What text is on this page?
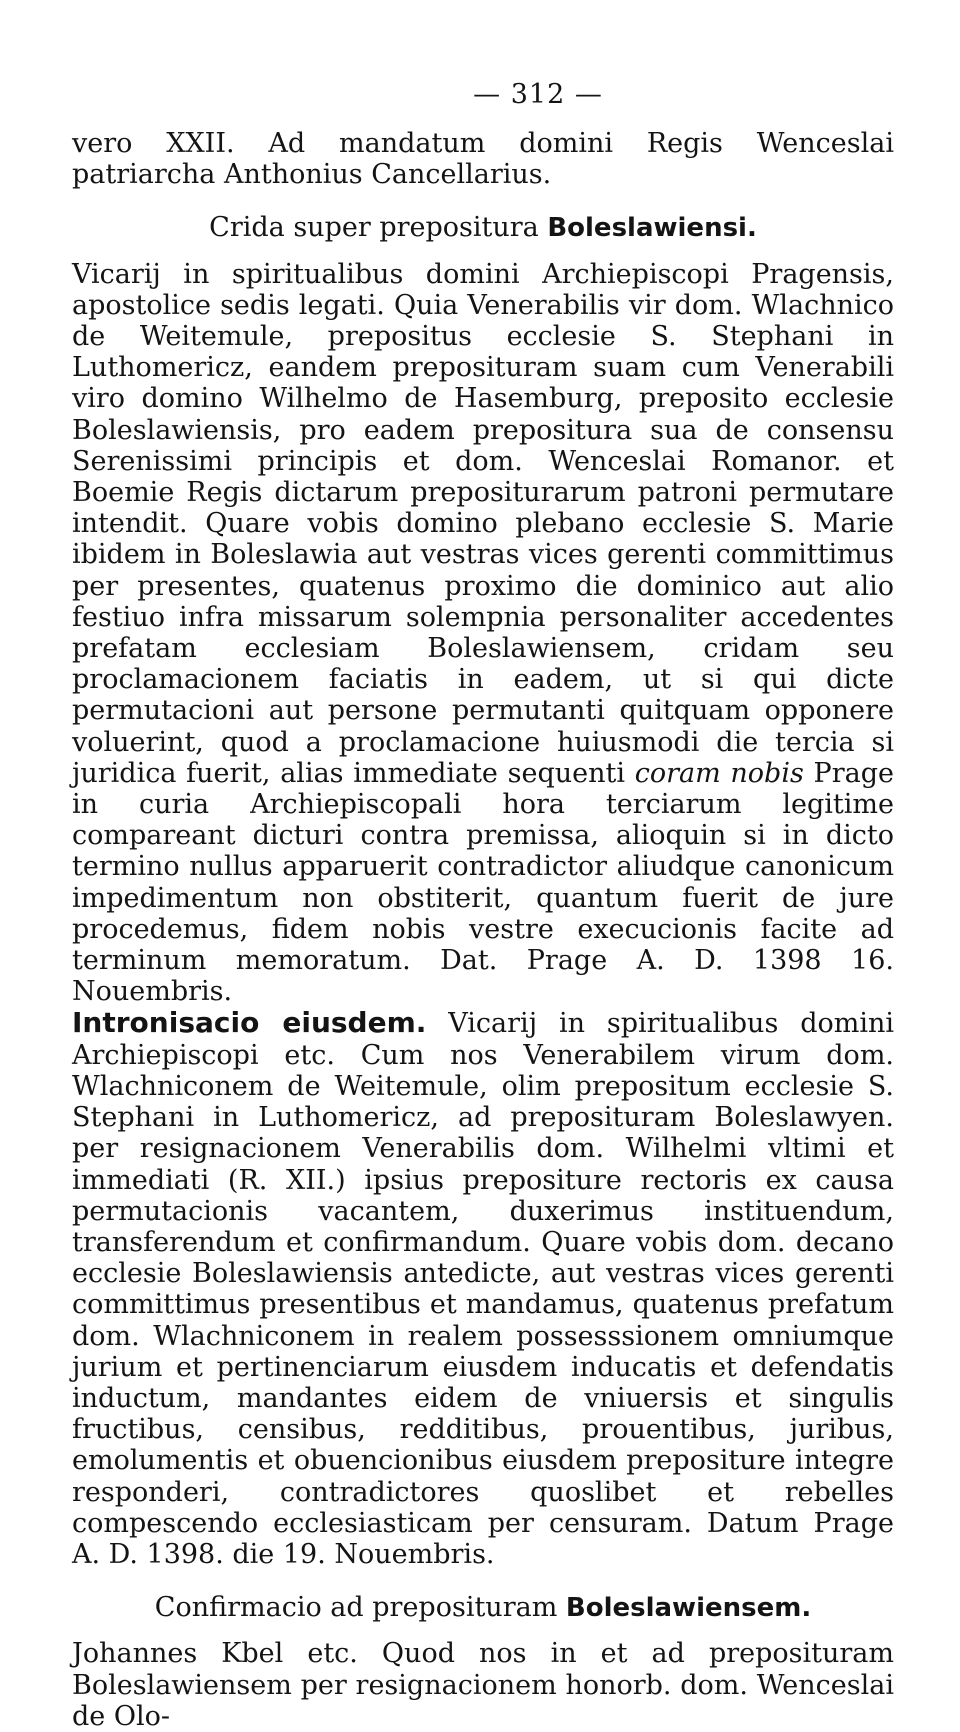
— 312 —

vero XXII. Ad mandatum domini Regis Wenceslai patriarcha Anthonius Cancellarius.

Crida super prepositura Boleslawiensi.

Vicarij in spiritualibus domini Archiepiscopi Pragensis, apostolice sedis legati. Quia Venerabilis vir dom. Wlachnico de Weitemule, prepositus ecclesie S. Stephani in Luthomericz, eandem preposituram suam cum Venerabili viro domino Wilhelmo de Hasemburg, preposito ecclesie Boleslawiensis, pro eadem prepositura sua de consensu Serenissimi principis et dom. Wenceslai Romanor. et Boemie Regis dictarum prepositurarum patroni permutare intendit. Quare vobis domino plebano ecclesie S. Marie ibidem in Boleslawia aut vestras vices gerenti committimus per presentes, quatenus proximo die dominico aut alio festiuo infra missarum solempnia personaliter accedentes prefatam ecclesiam Boleslawiensem, cridam seu proclamacionem faciatis in eadem, ut si qui dicte permutacioni aut persone permutanti quitquam opponere voluerint, quod a proclamacione huiusmodi die tercia si juridica fuerit, alias immediate sequenti coram nobis Prage in curia Archiepiscopali hora terciarum legitime compareant dicturi contra premissa, alioquin si in dicto termino nullus apparuerit contradictor aliudque canonicum impedimentum non obstiterit, quantum fuerit de jure procedemus, fidem nobis vestre execucionis facite ad terminum memoratum. Dat. Prage A. D. 1398 16. Nouembris.

Intronisacio eiusdem. Vicarij in spiritualibus domini Archiepiscopi etc. Cum nos Venerabilem virum dom. Wlachniconem de Weitemule, olim prepositum ecclesie S. Stephani in Luthomericz, ad preposituram Boleslawyen. per resignacionem Venerabilis dom. Wilhelmi vltimi et immediati (R. XII.) ipsius prepositure rectoris ex causa permutacionis vacantem, duxerimus instituendum, transferendum et confirmandum. Quare vobis dom. decano ecclesie Boleslawiensis antedicte, aut vestras vices gerenti committimus presentibus et mandamus, quatenus prefatum dom. Wlachniconem in realem possesssionem omniumque jurium et pertinenciarum eiusdem inducatis et defendatis inductum, mandantes eidem de vniuersis et singulis fructibus, censibus, redditibus, prouentibus, juribus, emolumentis et obuencionibus eiusdem prepositure integre responderi, contradictores quoslibet et rebelles compescendo ecclesiasticam per censuram. Datum Prage A. D. 1398. die 19. Nouembris.

Confirmacio ad preposituram Boleslawiensem.

Johannes Kbel etc. Quod nos in et ad preposituram Boleslawiensem per resignacionem honorb. dom. Wenceslai de Olo-
